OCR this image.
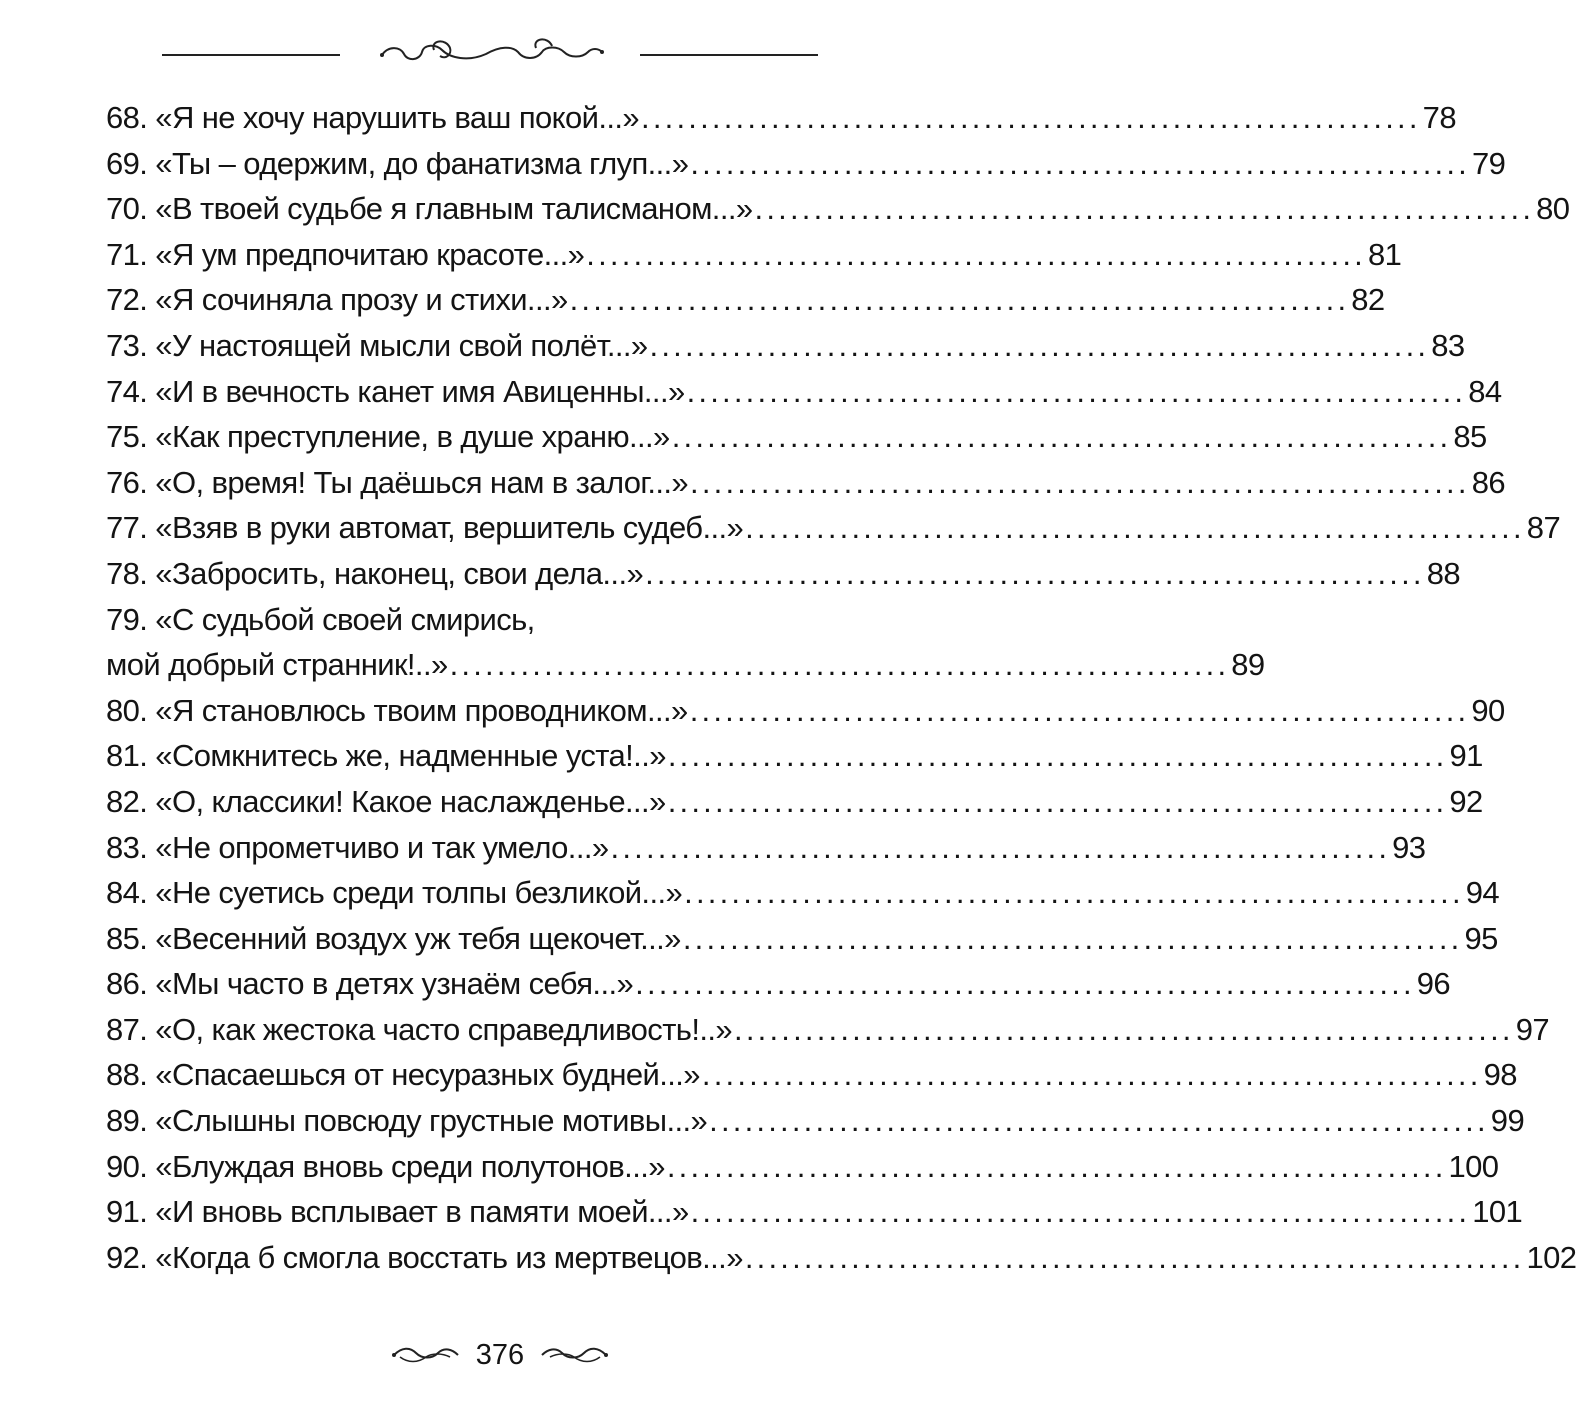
68. «Я не хочу нарушить ваш покой...» .................................................................. 78
69. «Ты – одержим, до фанатизма глуп...» .................................................................. 79
70. «В твоей судьбе я главным талисманом...» .................................................................. 80
71. «Я ум предпочитаю красоте...» .................................................................. 81
72. «Я сочиняла прозу и стихи...» .................................................................. 82
73. «У настоящей мысли свой полёт...» .................................................................. 83
74. «И в вечность канет имя Авиценны...» .................................................................. 84
75. «Как преступление, в душе храню...» .................................................................. 85
76. «О, время! Ты даёшься нам в залог...» .................................................................. 86
77. «Взяв в руки автомат, вершитель судеб...» .................................................................. 87
78. «Забросить, наконец, свои дела...» .................................................................. 88
79. «С судьбой своей смирись,
мой добрый странник!..» .................................................................. 89
80. «Я становлюсь твоим проводником...» .................................................................. 90
81. «Сомкнитесь же, надменные уста!..» .................................................................. 91
82. «О, классики! Какое наслажденье...» .................................................................. 92
83. «Не опрометчиво и так умело...» .................................................................. 93
84. «Не суетись среди толпы безликой...» .................................................................. 94
85. «Весенний воздух уж тебя щекочет...» .................................................................. 95
86. «Мы часто в детях узнаём себя...» .................................................................. 96
87. «О, как жестока часто справедливость!..» .................................................................. 97
88. «Спасаешься от несуразных будней...» .................................................................. 98
89. «Слышны повсюду грустные мотивы...» .................................................................. 99
90. «Блуждая вновь среди полутонов...» .................................................................. 100
91. «И вновь всплывает в памяти моей...» .................................................................. 101
92. «Когда б смогла восстать из мертвецов...» .................................................................. 102
376
